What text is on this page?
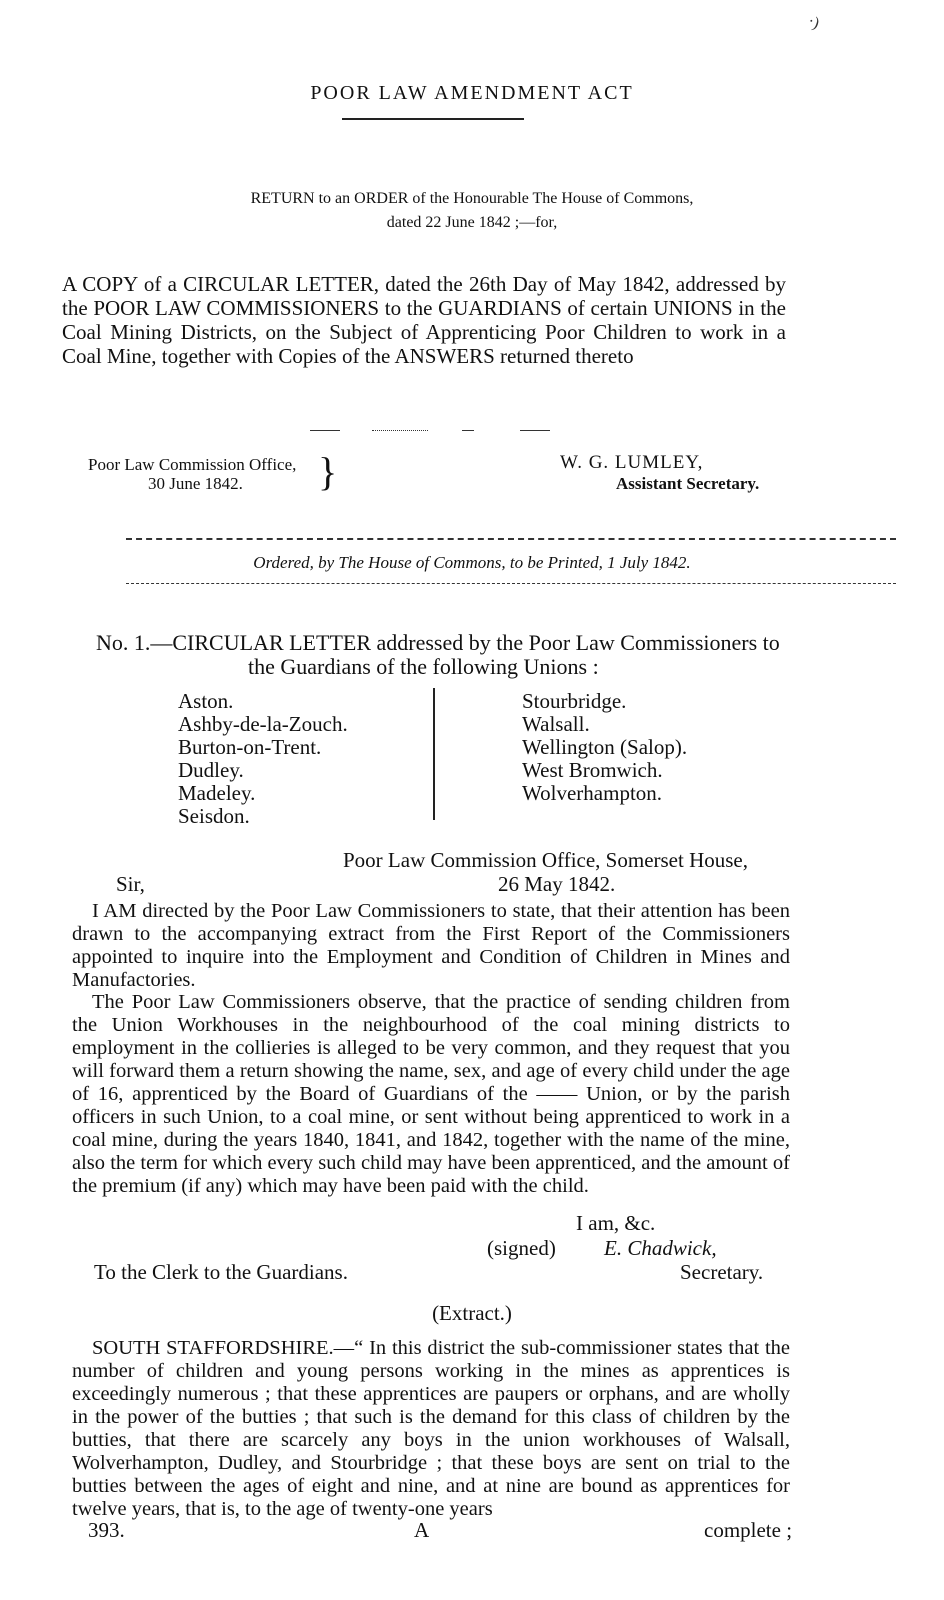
·)
POOR LAW AMENDMENT ACT
RETURN to an ORDER of the Honourable The House of Commons,
dated 22 June 1842 ;—for,
A COPY of a CIRCULAR LETTER, dated the 26th Day of May 1842, addressed by the POOR LAW COMMISSIONERS to the GUARDIANS of certain UNIONS in the Coal Mining Districts, on the Subject of Apprenticing Poor Children to work in a Coal Mine, together with Copies of the ANSWERS returned thereto
Poor Law Commission Office,
30 June 1842. }	W. G. LUMLEY,
Assistant Secretary.
Ordered, by The House of Commons, to be Printed, 1 July 1842.
No. 1.—CIRCULAR LETTER addressed by the Poor Law Commissioners to
the Guardians of the following Unions :
Aston.
Ashby-de-la-Zouch.
Burton-on-Trent.
Dudley.
Madeley.
Seisdon.
Stourbridge.
Walsall.
Wellington (Salop).
West Bromwich.
Wolverhampton.
Poor Law Commission Office, Somerset House,
Sir,	26 May 1842.
I AM directed by the Poor Law Commissioners to state, that their attention has been drawn to the accompanying extract from the First Report of the Commissioners appointed to inquire into the Employment and Condition of Children in Mines and Manufactories.
The Poor Law Commissioners observe, that the practice of sending children from the Union Workhouses in the neighbourhood of the coal mining districts to employment in the collieries is alleged to be very common, and they request that you will forward them a return showing the name, sex, and age of every child under the age of 16, apprenticed by the Board of Guardians of the —— Union, or by the parish officers in such Union, to a coal mine, or sent without being apprenticed to work in a coal mine, during the years 1840, 1841, and 1842, together with the name of the mine, also the term for which every such child may have been apprenticed, and the amount of the premium (if any) which may have been paid with the child.
I am, &c.
(signed) E. Chadwick,
To the Clerk to the Guardians.	Secretary.
(Extract.)
SOUTH STAFFORDSHIRE.—“ In this district the sub-commissioner states that the number of children and young persons working in the mines as apprentices is exceedingly numerous ; that these apprentices are paupers or orphans, and are wholly in the power of the butties ; that such is the demand for this class of children by the butties, that there are scarcely any boys in the union workhouses of Walsall, Wolverhampton, Dudley, and Stourbridge ; that these boys are sent on trial to the butties between the ages of eight and nine, and at nine are bound as apprentices for twelve years, that is, to the age of twenty-one years
393.	A	complete ;
